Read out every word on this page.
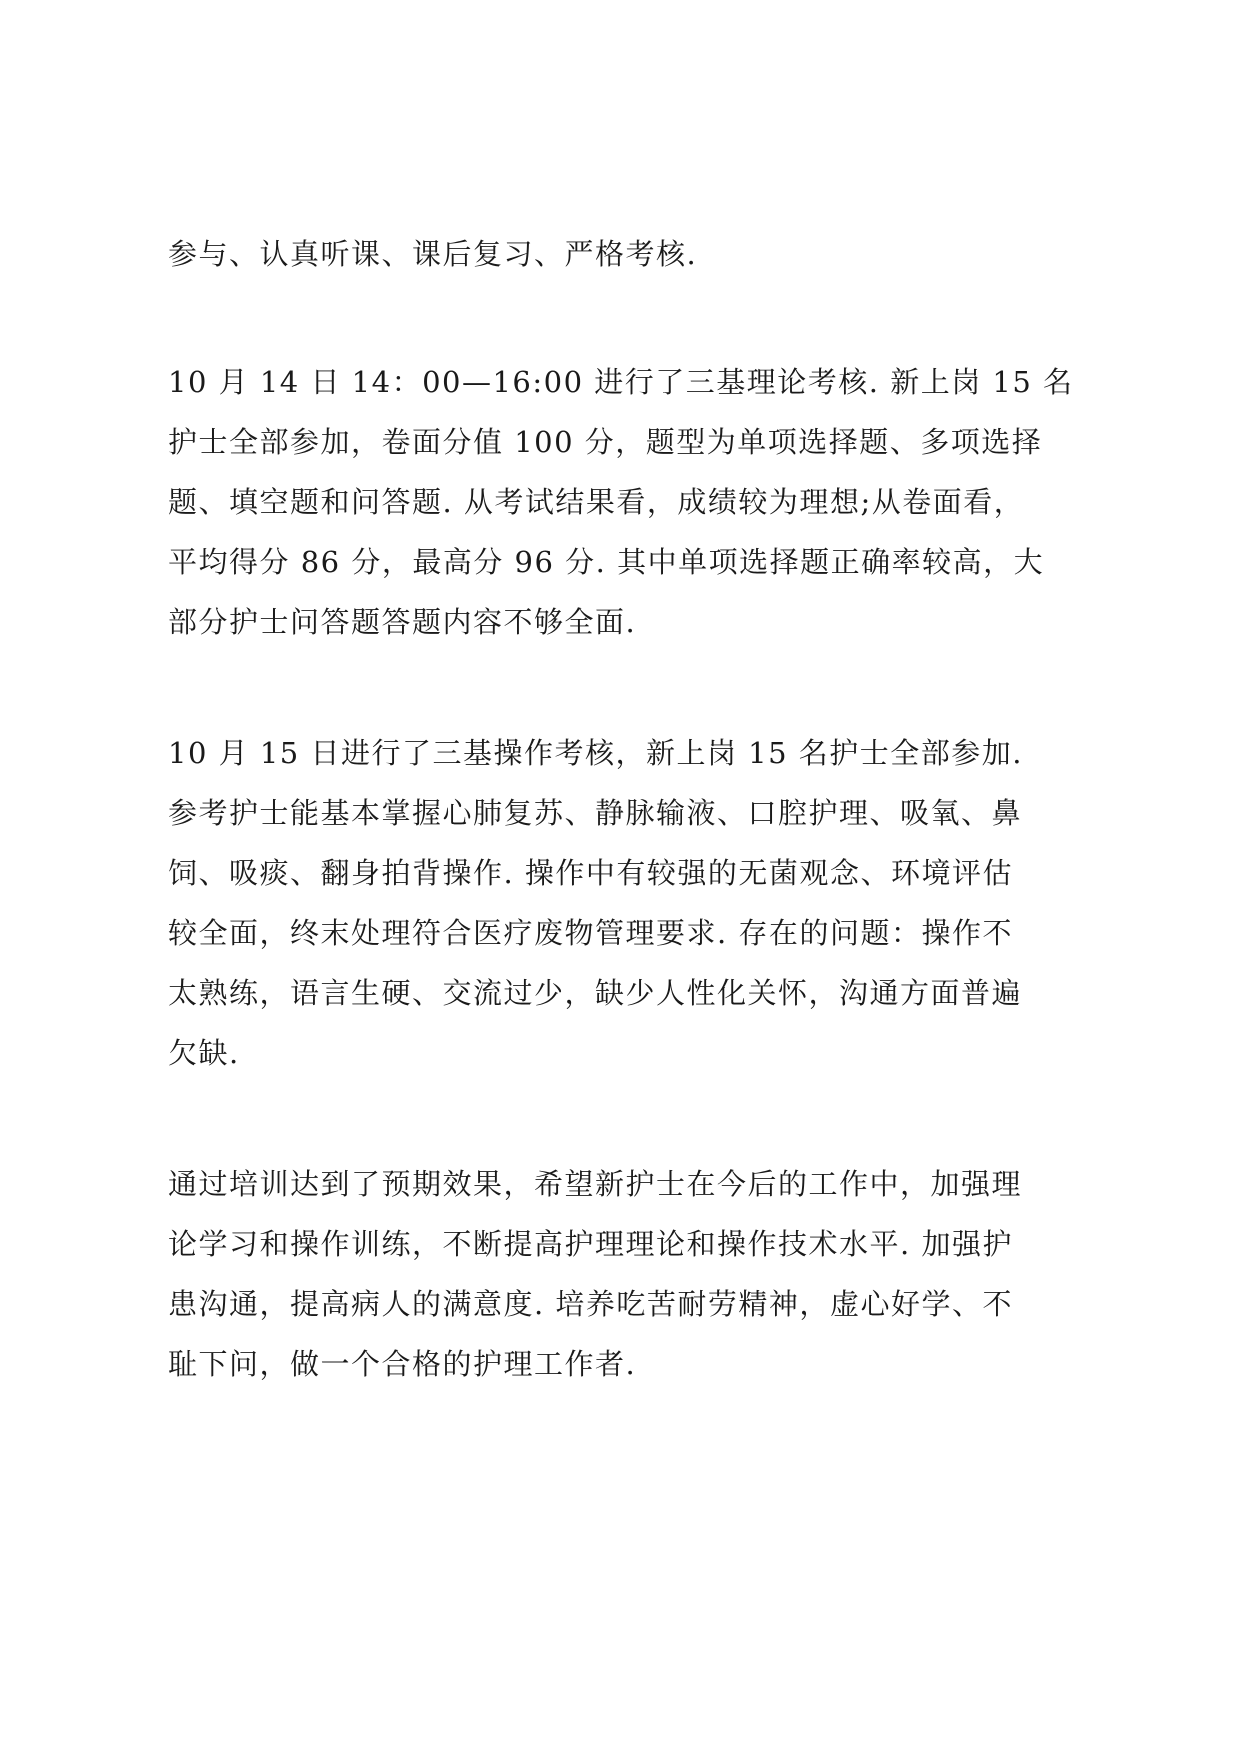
参与、认真听课、课后复习、严格考核.
10 月 14 日 14：00—16:00 进行了三基理论考核. 新上岗 15 名
护士全部参加，卷面分值 100 分，题型为单项选择题、多项选择
题、填空题和问答题. 从考试结果看，成绩较为理想;从卷面看，
平均得分 86 分，最高分 96 分. 其中单项选择题正确率较高，大
部分护士问答题答题内容不够全面.
10 月 15 日进行了三基操作考核，新上岗 15 名护士全部参加.
参考护士能基本掌握心肺复苏、静脉输液、口腔护理、吸氧、鼻
饲、吸痰、翻身拍背操作. 操作中有较强的无菌观念、环境评估
较全面，终末处理符合医疗废物管理要求. 存在的问题：操作不
太熟练，语言生硬、交流过少，缺少人性化关怀，沟通方面普遍
欠缺.
通过培训达到了预期效果，希望新护士在今后的工作中，加强理
论学习和操作训练，不断提高护理理论和操作技术水平. 加强护
患沟通，提高病人的满意度. 培养吃苦耐劳精神，虚心好学、不
耻下问，做一个合格的护理工作者.
